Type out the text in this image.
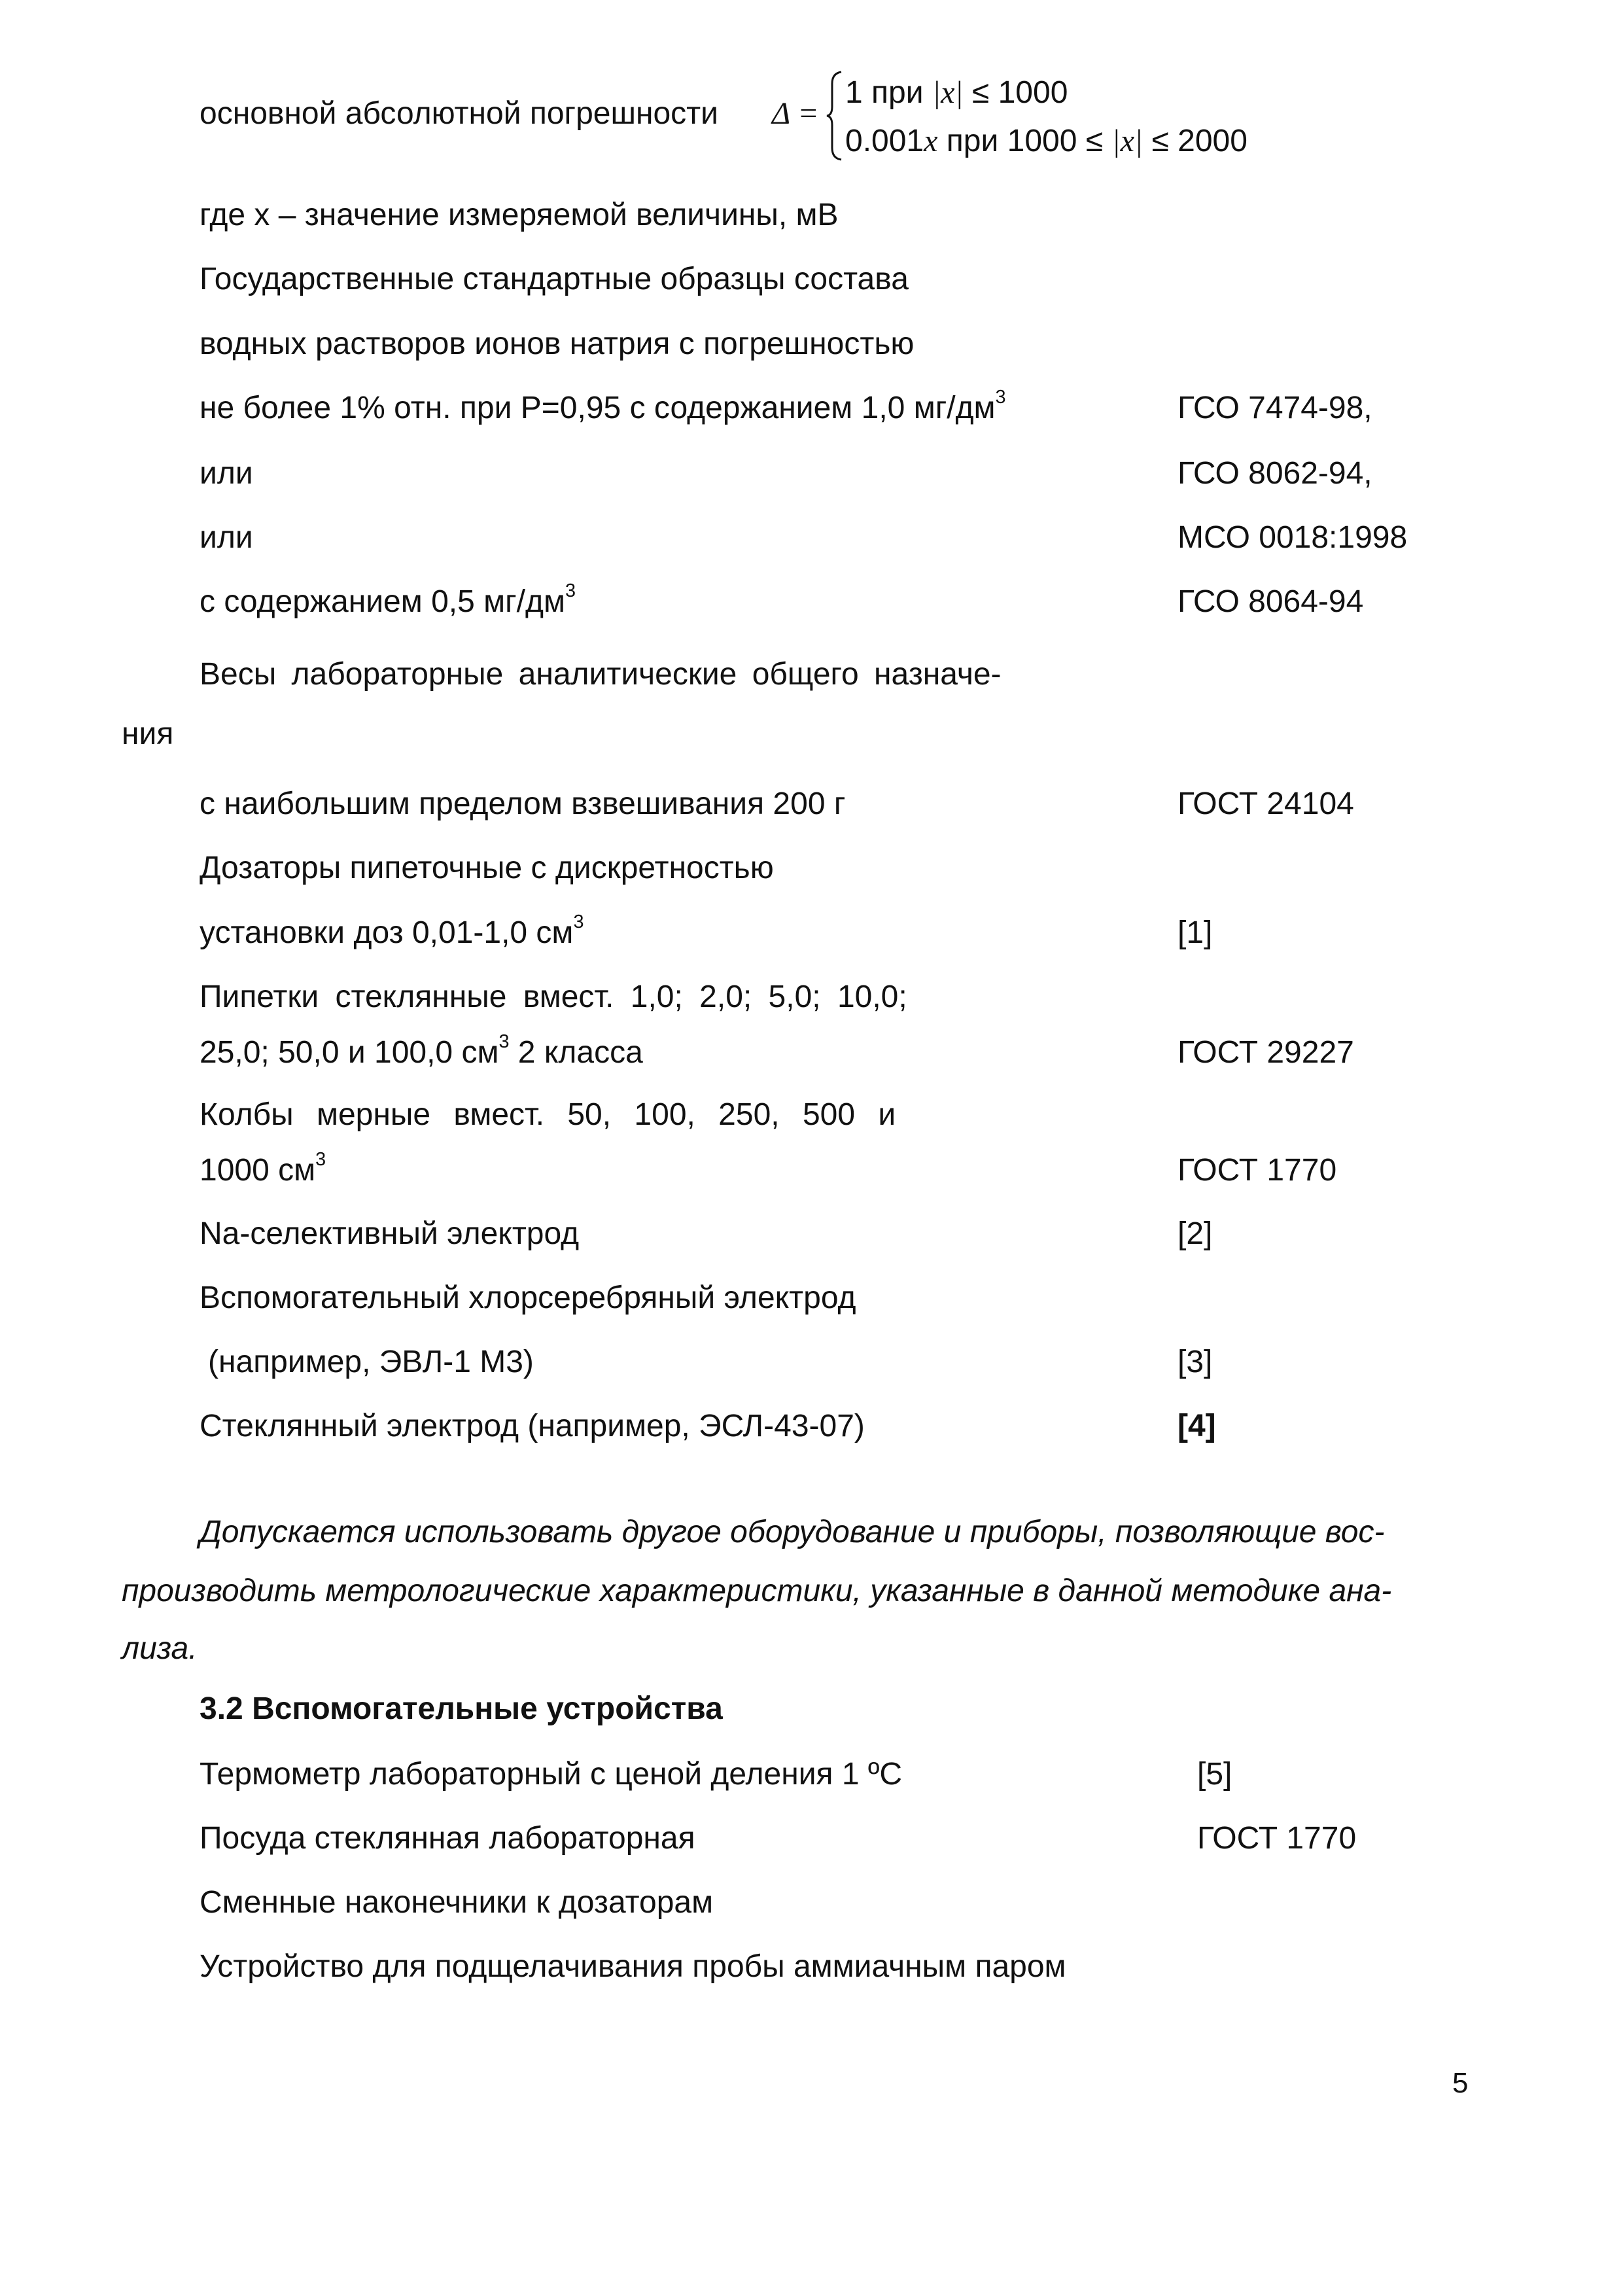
основной абсолютной погрешности Δ =
1 при |x| ≤ 1000
0.001x при 1000 ≤ |x| ≤ 2000
где х – значение измеряемой величины, мВ
Государственные стандартные образцы состава
водных растворов ионов натрия с погрешностью
не более 1% отн. при Р=0,95 с содержанием 1,0 $мг/дм^3$	ГСО 7474-98,
или	ГСО 8062-94,
или	МСО 0018:1998
с содержанием 0,5 $мг/дм^3$	ГСО 8064-94
Весы лабораторные аналитические общего назначе-
ния
с наибольшим пределом взвешивания 200 г	ГОСТ 24104
Дозаторы пипеточные с дискретностью
установки доз 0,01-1,0 $см^3$	[1]
Пипетки стеклянные вмест. 1,0; 2,0; 5,0; 10,0;
25,0; 50,0 и 100,0 $см^3$ 2 класса	ГОСТ 29227
Колбы мерные вмест. 50, 100, 250, 500 и
1000 $см^3$	ГОСТ 1770
Na-селективный электрод	[2]
Вспомогательный хлорсеребряный электрод
(например, ЭВЛ-1 М3)	[3]
Стеклянный электрод (например, ЭСЛ-43-07)	[4]
Допускается использовать другое оборудование и приборы, позволяющие вос-
производить метрологические характеристики, указанные в данной методике ана-
лиза.
3.2 Вспомогательные устройства
Термометр лабораторный с ценой деления 1 ºС	[5]
Посуда стеклянная лабораторная	ГОСТ 1770
Сменные наконечники к дозаторам
Устройство для подщелачивания пробы аммиачным паром
5
